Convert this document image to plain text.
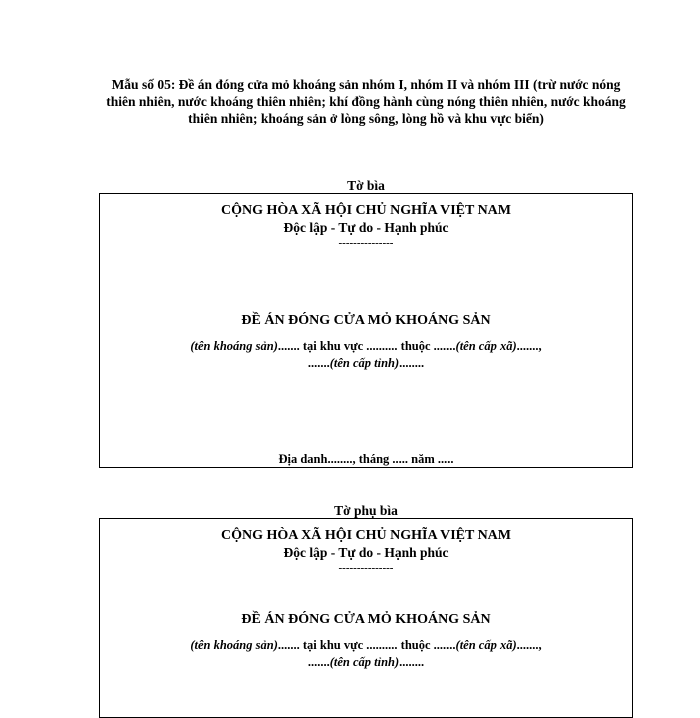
Mẫu số 05: Đề án đóng cửa mỏ khoáng sản nhóm I, nhóm II và nhóm III (trừ nước nóng thiên nhiên, nước khoáng thiên nhiên; khí đồng hành cùng nóng thiên nhiên, nước khoáng thiên nhiên; khoáng sản ở lòng sông, lòng hồ và khu vực biển)
Tờ bìa
CỘNG HÒA XÃ HỘI CHỦ NGHĨA VIỆT NAM
Độc lập - Tự do - Hạnh phúc
---------------
ĐỀ ÁN ĐÓNG CỬA MỎ KHOÁNG SẢN
(tên khoáng sản)....... tại khu vực .......... thuộc .......(tên cấp xã).......,
.......(tên cấp tỉnh)........
Địa danh........, tháng ..... năm .....
Tờ phụ bìa
CỘNG HÒA XÃ HỘI CHỦ NGHĨA VIỆT NAM
Độc lập - Tự do - Hạnh phúc
---------------
ĐỀ ÁN ĐÓNG CỬA MỎ KHOÁNG SẢN
(tên khoáng sản)....... tại khu vực .......... thuộc .......(tên cấp xã).......,
.......(tên cấp tỉnh)........
